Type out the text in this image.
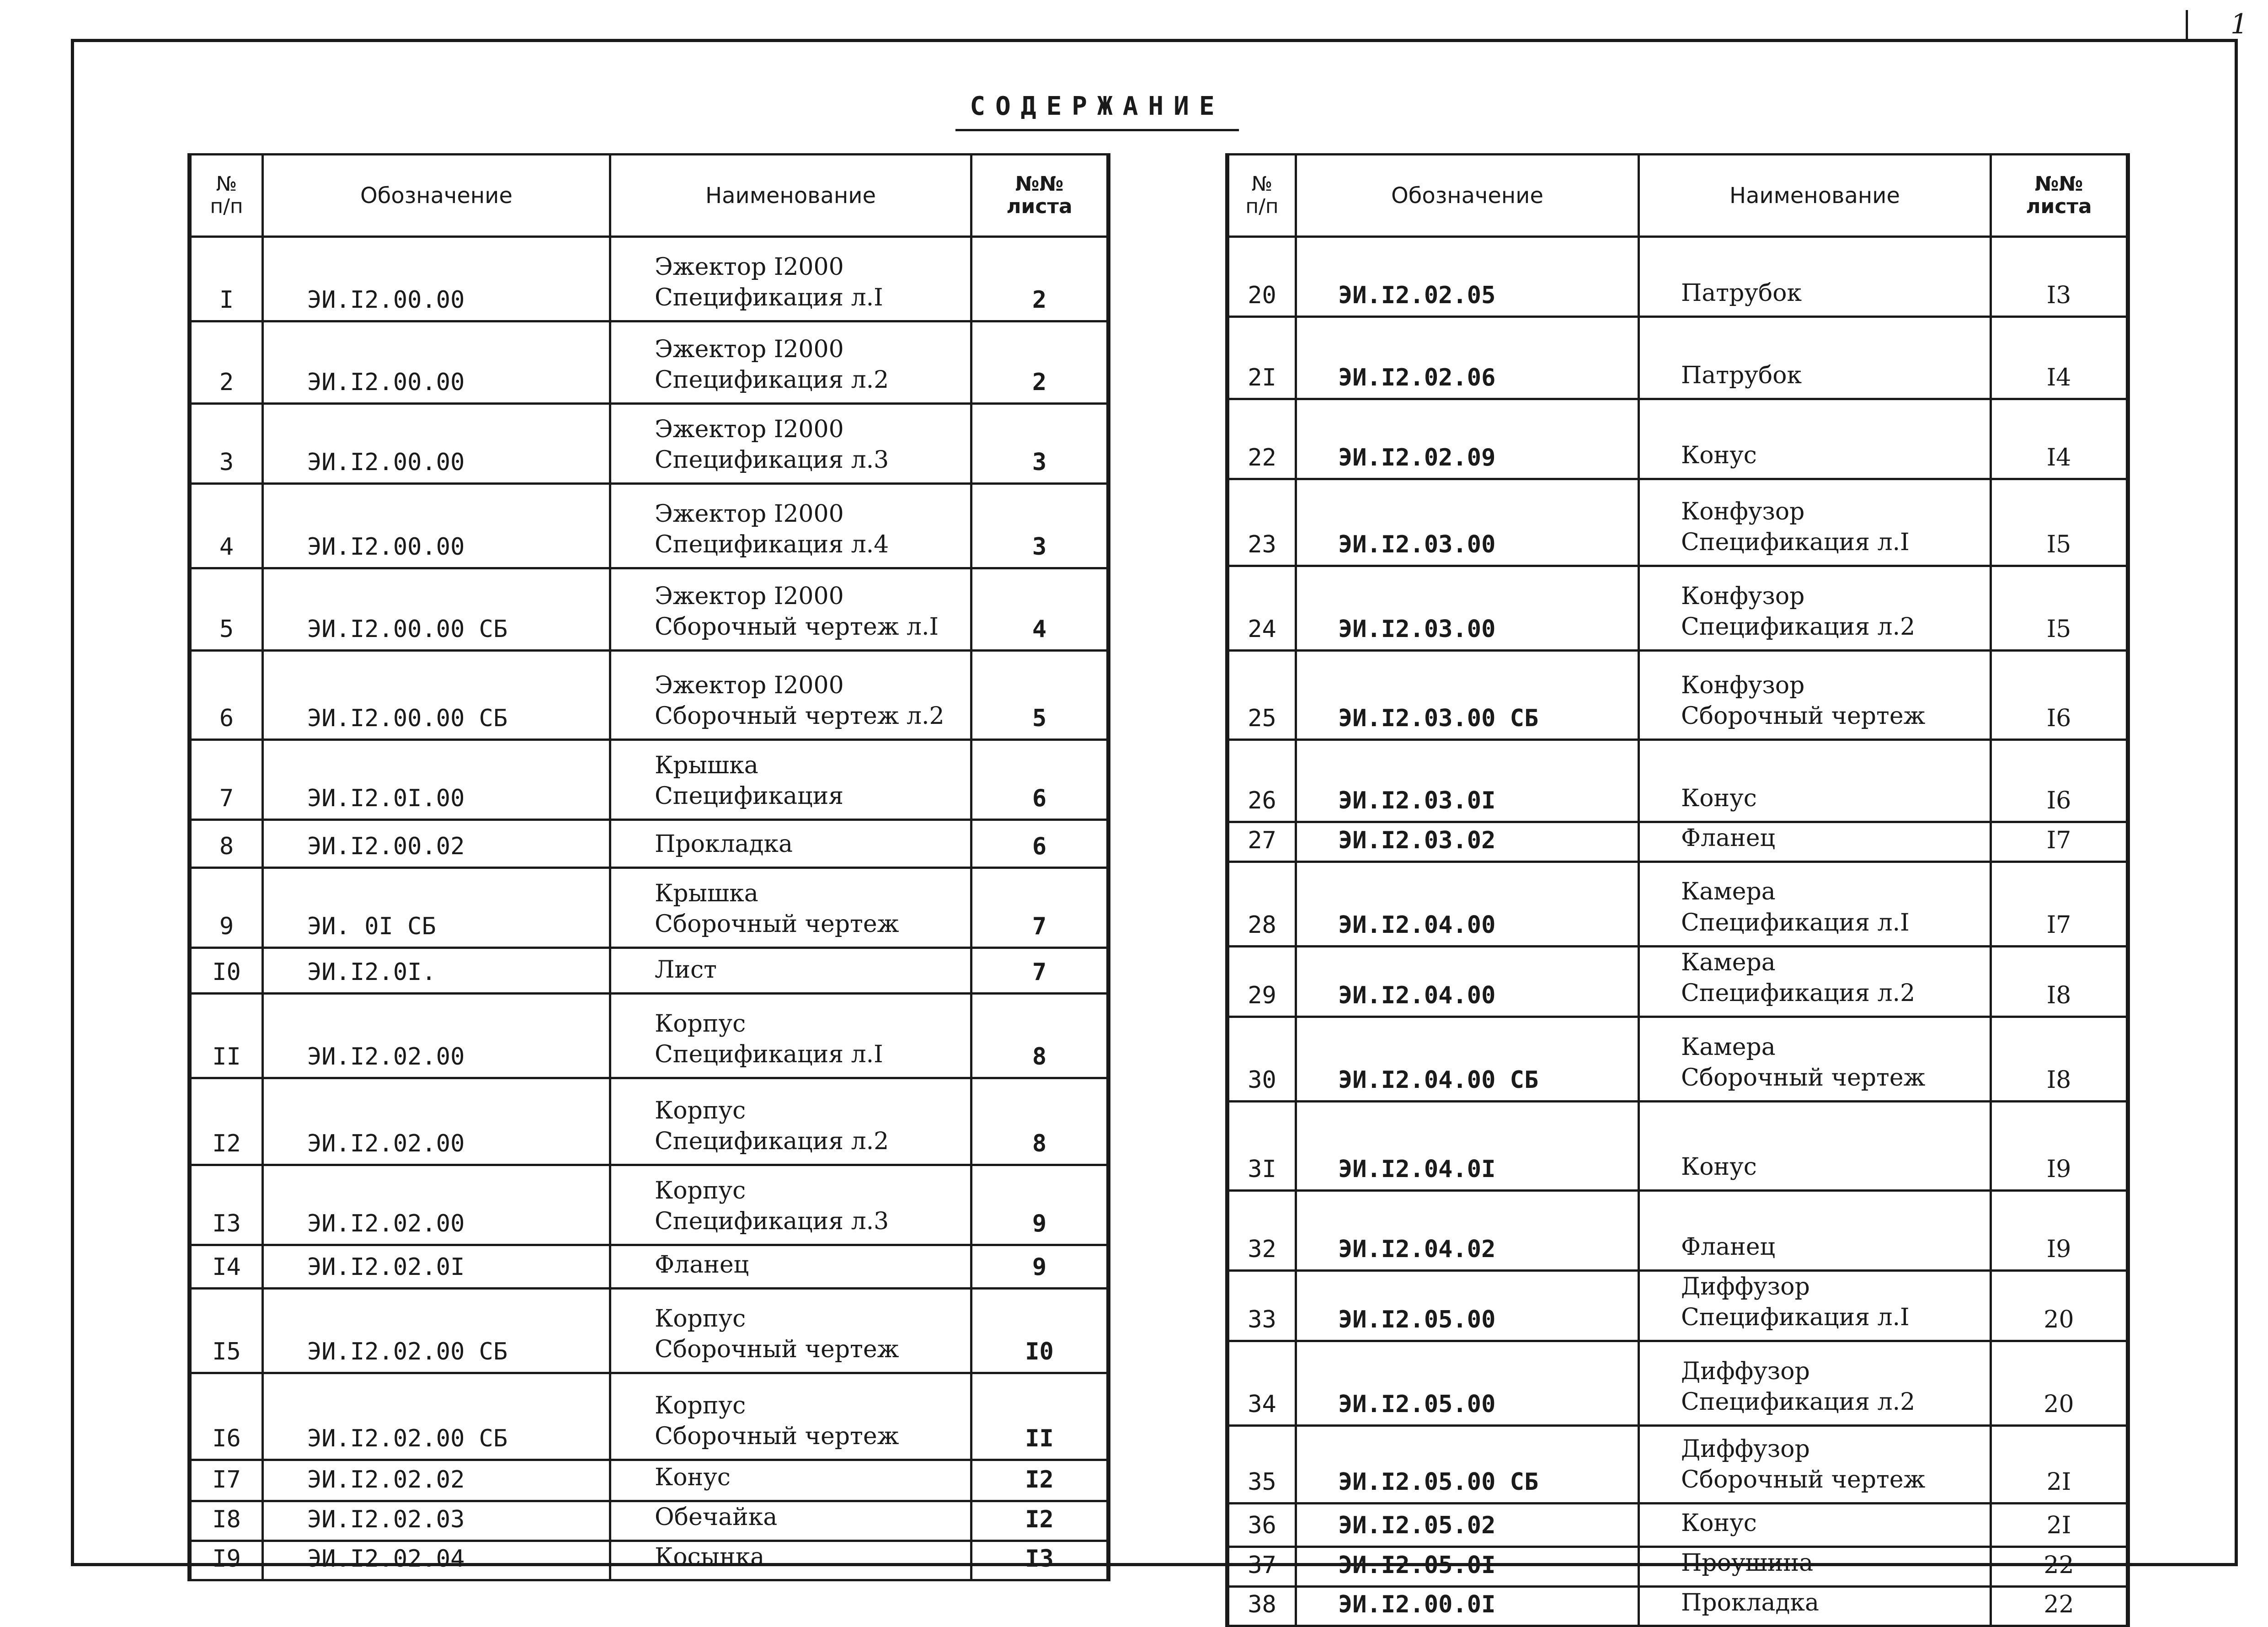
1
СОДЕРЖАНИЕ
№
п/п	Обозначение	Наименование	№№
листа

I	ЭИ.I2.00.00	Эжектор I2000
Спецификация л.I	2
2	ЭИ.I2.00.00	Эжектор I2000
Спецификация л.2	2
3	ЭИ.I2.00.00	Эжектор I2000
Спецификация л.3	3
4	ЭИ.I2.00.00	Эжектор I2000
Спецификация л.4	3
5	ЭИ.I2.00.00 СБ	Эжектор I2000
Сборочный чертеж л.I	4
6	ЭИ.I2.00.00 СБ	Эжектор I2000
Сборочный чертеж л.2	5
7	ЭИ.I2.0I.00	Крышка
Спецификация	6
8	ЭИ.I2.00.02	Прокладка	6
9	ЭИ. 0I СБ	Крышка
Сборочный чертеж	7
I0	ЭИ.I2.0I.	Лист	7
II	ЭИ.I2.02.00	Корпус
Спецификация л.I	8
I2	ЭИ.I2.02.00	Корпус
Спецификация л.2	8
I3	ЭИ.I2.02.00	Корпус
Спецификация л.3	9
I4	ЭИ.I2.02.0I	Фланец	9
I5	ЭИ.I2.02.00 СБ	Корпус
Сборочный чертеж	I0
I6	ЭИ.I2.02.00 СБ	Корпус
Сборочный чертеж	II
I7	ЭИ.I2.02.02	Конус	I2
I8	ЭИ.I2.02.03	Обечайка	I2
I9	ЭИ.I2.02.04	Косынка	I3
№
п/п	Обозначение	Наименование	№№
листа

20	ЭИ.I2.02.05	Патрубок	I3
2I	ЭИ.I2.02.06	Патрубок	I4
22	ЭИ.I2.02.09	Конус	I4
23	ЭИ.I2.03.00	Конфузор
Спецификация л.I	I5
24	ЭИ.I2.03.00	Конфузор
Спецификация л.2	I5
25	ЭИ.I2.03.00 СБ	Конфузор
Сборочный чертеж	I6
26	ЭИ.I2.03.0I	Конус	I6
27	ЭИ.I2.03.02	Фланец	I7
28	ЭИ.I2.04.00	Камера
Спецификация л.I	I7
29	ЭИ.I2.04.00	Камера
Спецификация л.2	I8
30	ЭИ.I2.04.00 СБ	Камера
Сборочный чертеж	I8
3I	ЭИ.I2.04.0I	Конус	I9
32	ЭИ.I2.04.02	Фланец	I9
33	ЭИ.I2.05.00	Диффузор
Спецификация л.I	20
34	ЭИ.I2.05.00	Диффузор
Спецификация л.2	20
35	ЭИ.I2.05.00 СБ	Диффузор
Сборочный чертеж	2I
36	ЭИ.I2.05.02	Конус	2I
37	ЭИ.I2.05.0I	Проушина	22
38	ЭИ.I2.00.0I	Прокладка	22
